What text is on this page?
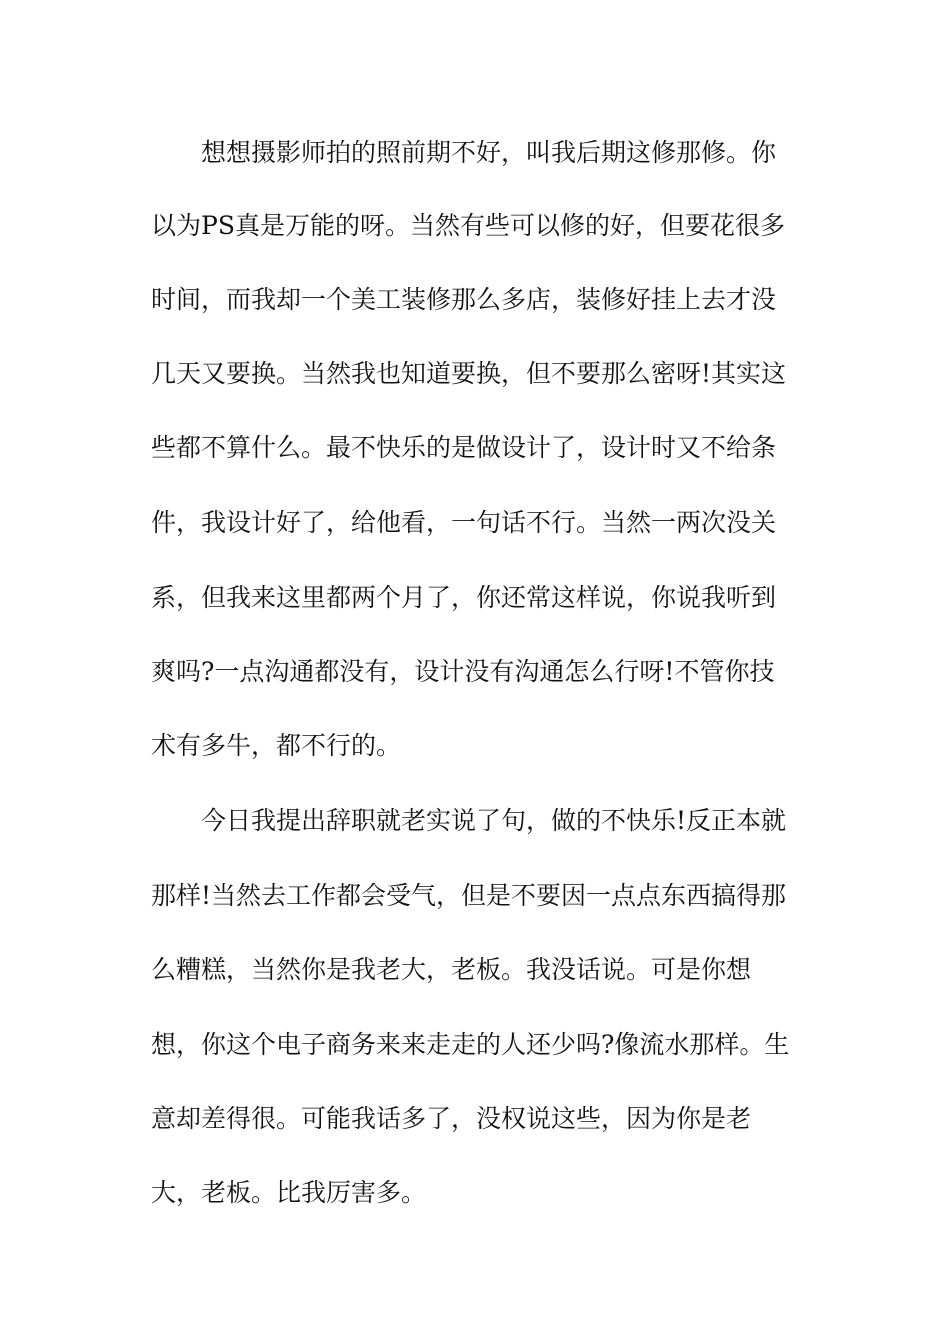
想想摄影师拍的照前期不好，叫我后期这修那修。你
以为PS真是万能的呀。当然有些可以修的好，但要花很多
时间，而我却一个美工装修那么多店，装修好挂上去才没
几天又要换。当然我也知道要换，但不要那么密呀!其实这
些都不算什么。最不快乐的是做设计了，设计时又不给条
件，我设计好了，给他看，一句话不行。当然一两次没关
系，但我来这里都两个月了，你还常这样说，你说我听到
爽吗?一点沟通都没有，设计没有沟通怎么行呀!不管你技
术有多牛，都不行的。
今日我提出辞职就老实说了句，做的不快乐!反正本就
那样!当然去工作都会受气，但是不要因一点点东西搞得那
么糟糕，当然你是我老大，老板。我没话说。可是你想
想，你这个电子商务来来走走的人还少吗?像流水那样。生
意却差得很。可能我话多了，没权说这些，因为你是老
大，老板。比我厉害多。
